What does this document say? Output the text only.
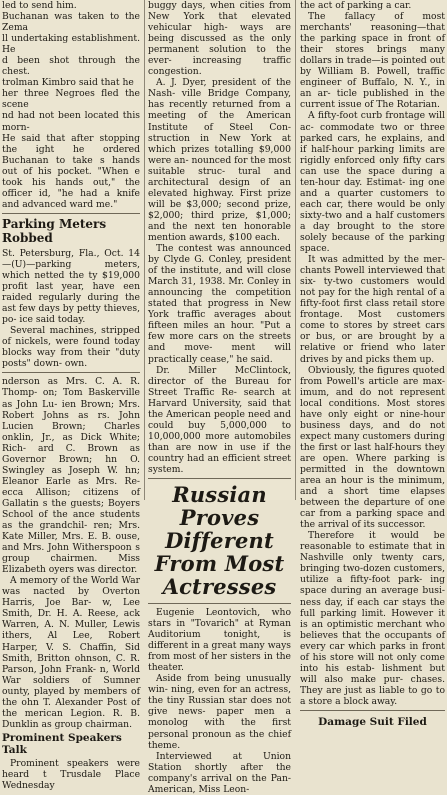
led to send him.

Buchanan was taken to the Zema

ll undertaking establishment. He

d been shot through the chest.

trolman Kimbro said that he

her three Negroes fled the scene

nd had not been located this morn-

He said that after stopping the ight he ordered Buchanan to take s hands out of his pocket. "When e took his hands out," the officer id, "he had a knife and advanced ward me."

Parking Meters Robbed

St. Petersburg, Fla., Oct. 14—(U)—parking meters, which netted the ty $19,000 profit last year, have een raided regularly during the ast few days by petty thieves, po- ice said today.

Several machines, stripped of nickels, were found today blocks way from their "duty posts" down- own.

nderson as Mrs. C. A. R. Thomp- on; Tom Baskerville as John Lu- ien Brown; Mrs. Robert Johns as rs. John Lucien Brown; Charles onklin, Jr., as Dick White; Rich- ard C. Brown as Governor Brown; hn O. Swingley as Joseph W. hn; Eleanor Earle as Mrs. Re- ecca Allison; citizens of Gallatin s the guests; Boyers School of the ance students as the grandchil- ren; Mrs. Kate Miller, Mrs. E. B. ouse, and Mrs. John Witherspoon s group chairmen. Miss Elizabeth oyers was director.

A memory of the World War was nacted by Overton Harris, Joe Bar- w, Lee Smith, Dr. H. A. Reese, ack Warren, A. N. Muller, Lewis ithers, Al Lee, Robert Harper, V. S. Chaffin, Sid Smith, Britton ohnson, C. R. Parson, John Frank- n, World War soldiers of Sumner ounty, played by members of the ohn T. Alexander Post of the merican Legion. R. B. Dunklin as group chairman.

Prominent Speakers Talk

Prominent speakers were heard t Trusdale Place Wednesday

buggy days, when cities from New York that elevated vehicular high- ways are being discussed as the only permanent solution to the ever- increasing traffic congestion.

A. J. Dyer, president of the Nash- ville Bridge Company, has recently returned from a meeting of the American Institute of Steel Con- struction in New York at which prizes totalling $9,000 were an- nounced for the most suitable struc- tural and architectural design of an elevated highway. First prize will be $3,000; second prize, $2,000; third prize, $1,000; and the next ten honorable mention awards, $100 each.

The contest was announced by Clyde G. Conley, president of the institute, and will close March 31, 1938. Mr. Conley in announcing the competition stated that progress in New York traffic averages about fifteen miles an hour. "Put a few more cars on the streets and move- ment will practically cease," he said.

Dr. Miller McClintock, director of the Bureau for Street Traffic Re- search at Harvard University, said that the American people need and could buy 5,000,000 to 10,000,000 more automobiles than are now in use if the country had an efficient street system.

Russian Proves Different From Most Actresses

Eugenie Leontovich, who stars in "Tovarich" at Ryman Auditorium tonight, is different in a great many ways from most of her sisters in the theater.

Aside from being unusually win- ning, even for an actress, the tiny Russian star does not give news- paper men a monolog with the first personal pronoun as the chief theme.

Interviewed at Union Station shortly after the company's arrival on the Pan-American, Miss Leon-

the act of parking a car.

The fallacy of most merchants' reasoning—that the parking space in front of their stores brings many dollars in trade—is pointed out by William B. Powell, traffic engineer of Buffalo, N. Y., in an ar- ticle published in the current issue of The Rotarian.

A fifty-foot curb frontage will ac- commodate two or three parked cars, he explains, and if half-hour parking limits are rigidly enforced only fifty cars can use the space during a ten-hour day. Estimat- ing one and a quarter customers to each car, there would be only sixty-two and a half customers a day brought to the store solely because of the parking space.

It was admitted by the mer- chants Powell interviewed that six- ty-two customers would not pay for the high rental of a fifty-foot first class retail store frontage. Most customers come to stores by street cars or bus, or are brought by a relative or friend who later drives by and picks them up.

Obviously, the figures quoted from Powell's article are max- imum, and do not represent local conditions. Most stores have only eight or nine-hour business days, and do not expect many customers during the first or last half-hours they are open. Where parking is permitted in the downtown area an hour is the minimum, and a short time elapses between the departure of one car from a parking space and the arrival of its successor.

Therefore it would be reasonable to estimate that in Nashville only twenty cars, bringing two-dozen customers, utilize a fifty-foot park- ing space during an average busi- ness day, if each car stays the full parking limit. However it is an optimistic merchant who believes that the occupants of every car which parks in front of his store will not only come into his estab- lishment but will also make pur- chases. They are just as liable to go to a store a block away.

Damage Suit Filed
